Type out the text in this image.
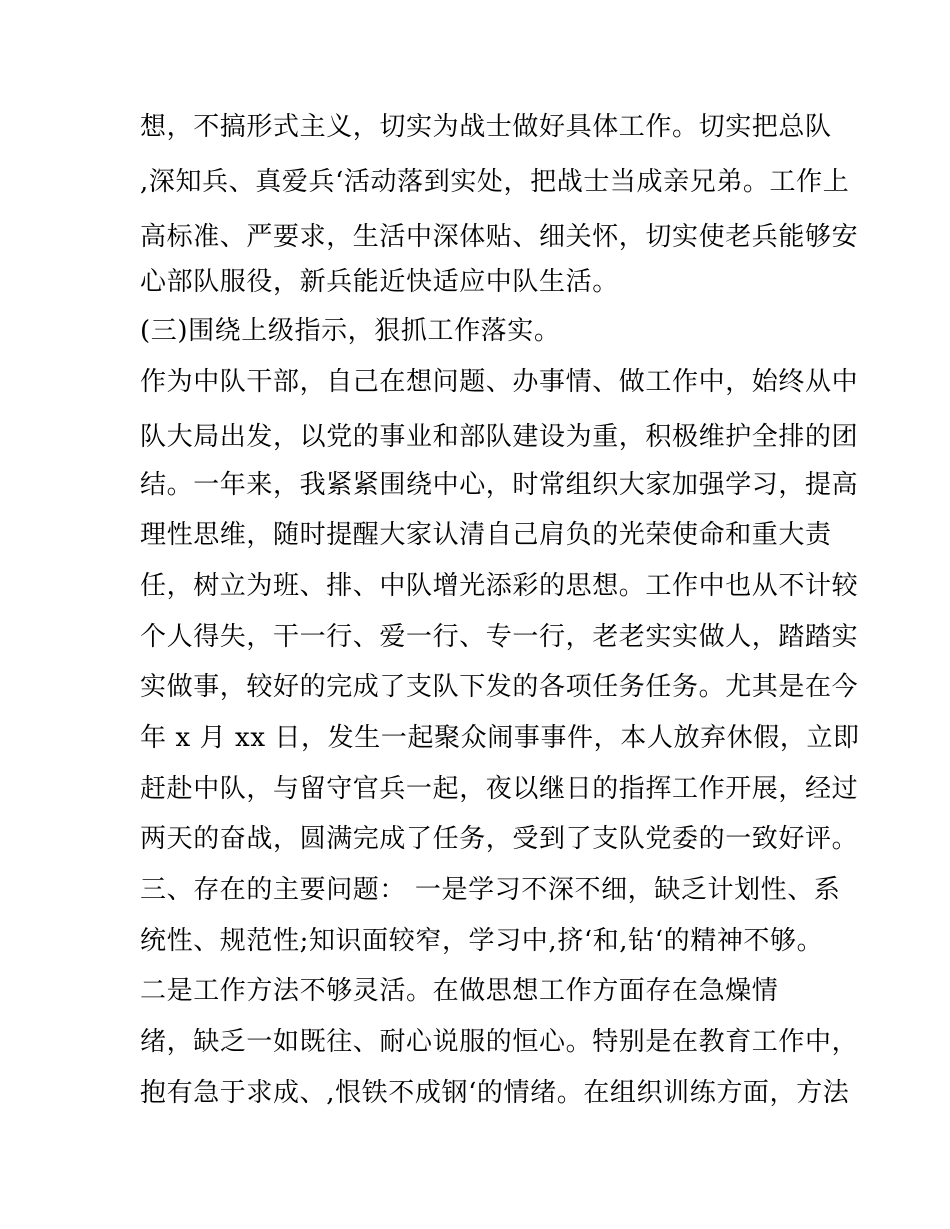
想，不搞形式主义，切实为战士做好具体工作。切实把总队

,深知兵、真爱兵‘活动落到实处，把战士当成亲兄弟。工作上

高标准、严要求，生活中深体贴、细关怀，切实使老兵能够安

心部队服役，新兵能近快适应中队生活。

(三)围绕上级指示，狠抓工作落实。

作为中队干部，自己在想问题、办事情、做工作中，始终从中

队大局出发，以党的事业和部队建设为重，积极维护全排的团

结。一年来，我紧紧围绕中心，时常组织大家加强学习，提高

理性思维，随时提醒大家认清自己肩负的光荣使命和重大责

任，树立为班、排、中队增光添彩的思想。工作中也从不计较

个人得失，干一行、爱一行、专一行，老老实实做人，踏踏实

实做事，较好的完成了支队下发的各项任务任务。尤其是在今

年 x 月 xx 日，发生一起聚众闹事事件，本人放弃休假，立即

赶赴中队，与留守官兵一起，夜以继日的指挥工作开展，经过

两天的奋战，圆满完成了任务，受到了支队党委的一致好评。

三、存在的主要问题： 一是学习不深不细，缺乏计划性、系

统性、规范性;知识面较窄，学习中,挤‘和,钻‘的精神不够。

二是工作方法不够灵活。在做思想工作方面存在急燥情

绪，缺乏一如既往、耐心说服的恒心。特别是在教育工作中，

抱有急于求成、,恨铁不成钢‘的情绪。在组织训练方面，方法
